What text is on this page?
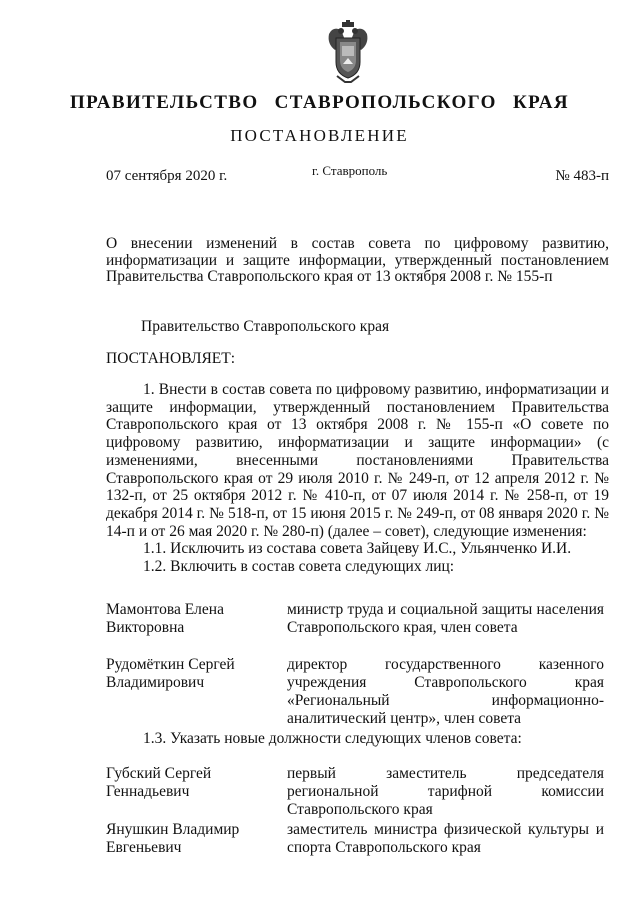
ПРАВИТЕЛЬСТВО СТАВРОПОЛЬСКОГО КРАЯ
ПОСТАНОВЛЕНИЕ
07 сентября 2020 г.	г. Ставрополь	№ 483-п
О внесении изменений в состав совета по цифровому развитию, информатизации и защите информации, утвержденный постановлением Правительства Ставропольского края от 13 октября 2008 г. № 155-п
Правительство Ставропольского края
ПОСТАНОВЛЯЕТ:

1. Внести в состав совета по цифровому развитию, информатизации и защите информации, утвержденный постановлением Правительства Ставропольского края от 13 октября 2008 г. № 155-п «О совете по цифровому развитию, информатизации и защите информации» (с изменениями, внесенными постановлениями Правительства Ставропольского края от 29 июля 2010 г. № 249-п, от 12 апреля 2012 г. № 132-п, от 25 октября 2012 г. № 410-п, от 07 июля 2014 г. № 258-п, от 19 декабря 2014 г. № 518-п, от 15 июня 2015 г. № 249-п, от 08 января 2020 г. № 14-п и от 26 мая 2020 г. № 280-п) (далее – совет), следующие изменения:

1.1. Исключить из состава совета Зайцеву И.С., Ульянченко И.И.

1.2. Включить в состав совета следующих лиц:

Мамонтова Елена Викторовна
министр труда и социальной защиты населения Ставропольского края, член совета
Рудомёткин Сергей Владимирович
директор государственного казенного учреждения Ставропольского края «Региональный информационно-аналитический центр», член совета
1.3. Указать новые должности следующих членов совета:
Губский Сергей Геннадьевич
первый заместитель председателя региональной тарифной комиссии Ставропольского края
Янушкин Владимир Евгеньевич
заместитель министра физической культуры и спорта Ставропольского края
